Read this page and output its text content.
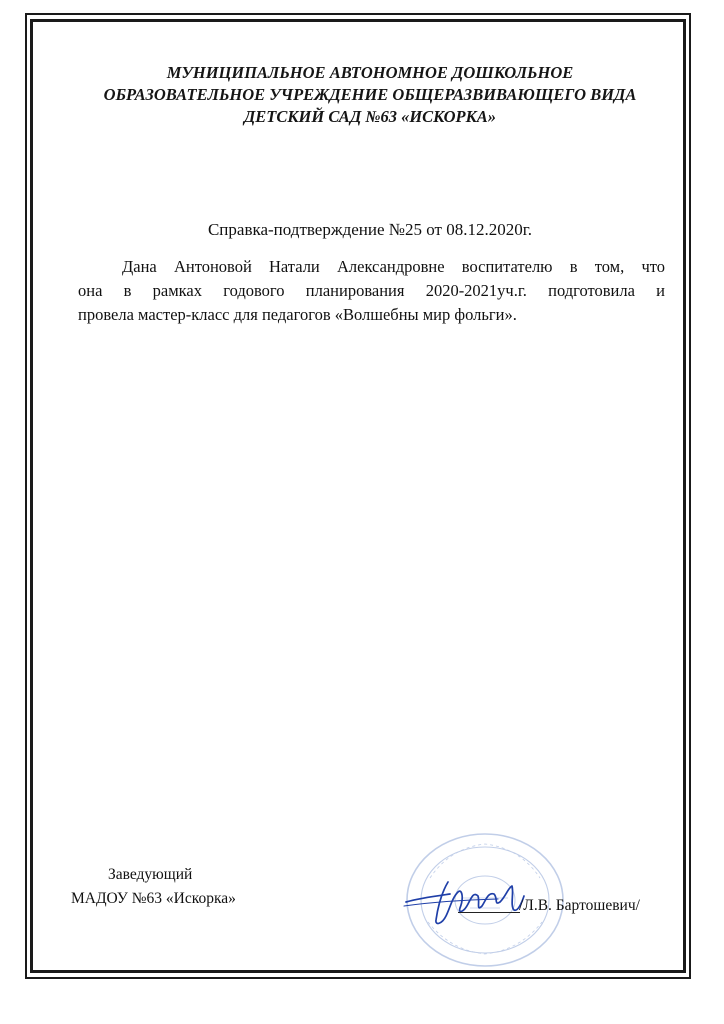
МУНИЦИПАЛЬНОЕ АВТОНОМНОЕ ДОШКОЛЬНОЕ
ОБРАЗОВАТЕЛЬНОЕ УЧРЕЖДЕНИЕ ОБЩЕРАЗВИВАЮЩЕГО ВИДА
ДЕТСКИЙ САД №63 «ИСКОРКА»
Справка-подтверждение №25 от 08.12.2020г.
Дана Антоновой Натали Александровне воспитателю в том, что
она в рамках годового планирования 2020-2021уч.г. подготовила и
провела мастер-класс для педагогов «Волшебны мир фольги».
Заведующий
МАДОУ №63 «Искорка»	/Л.В. Бартошевич/
